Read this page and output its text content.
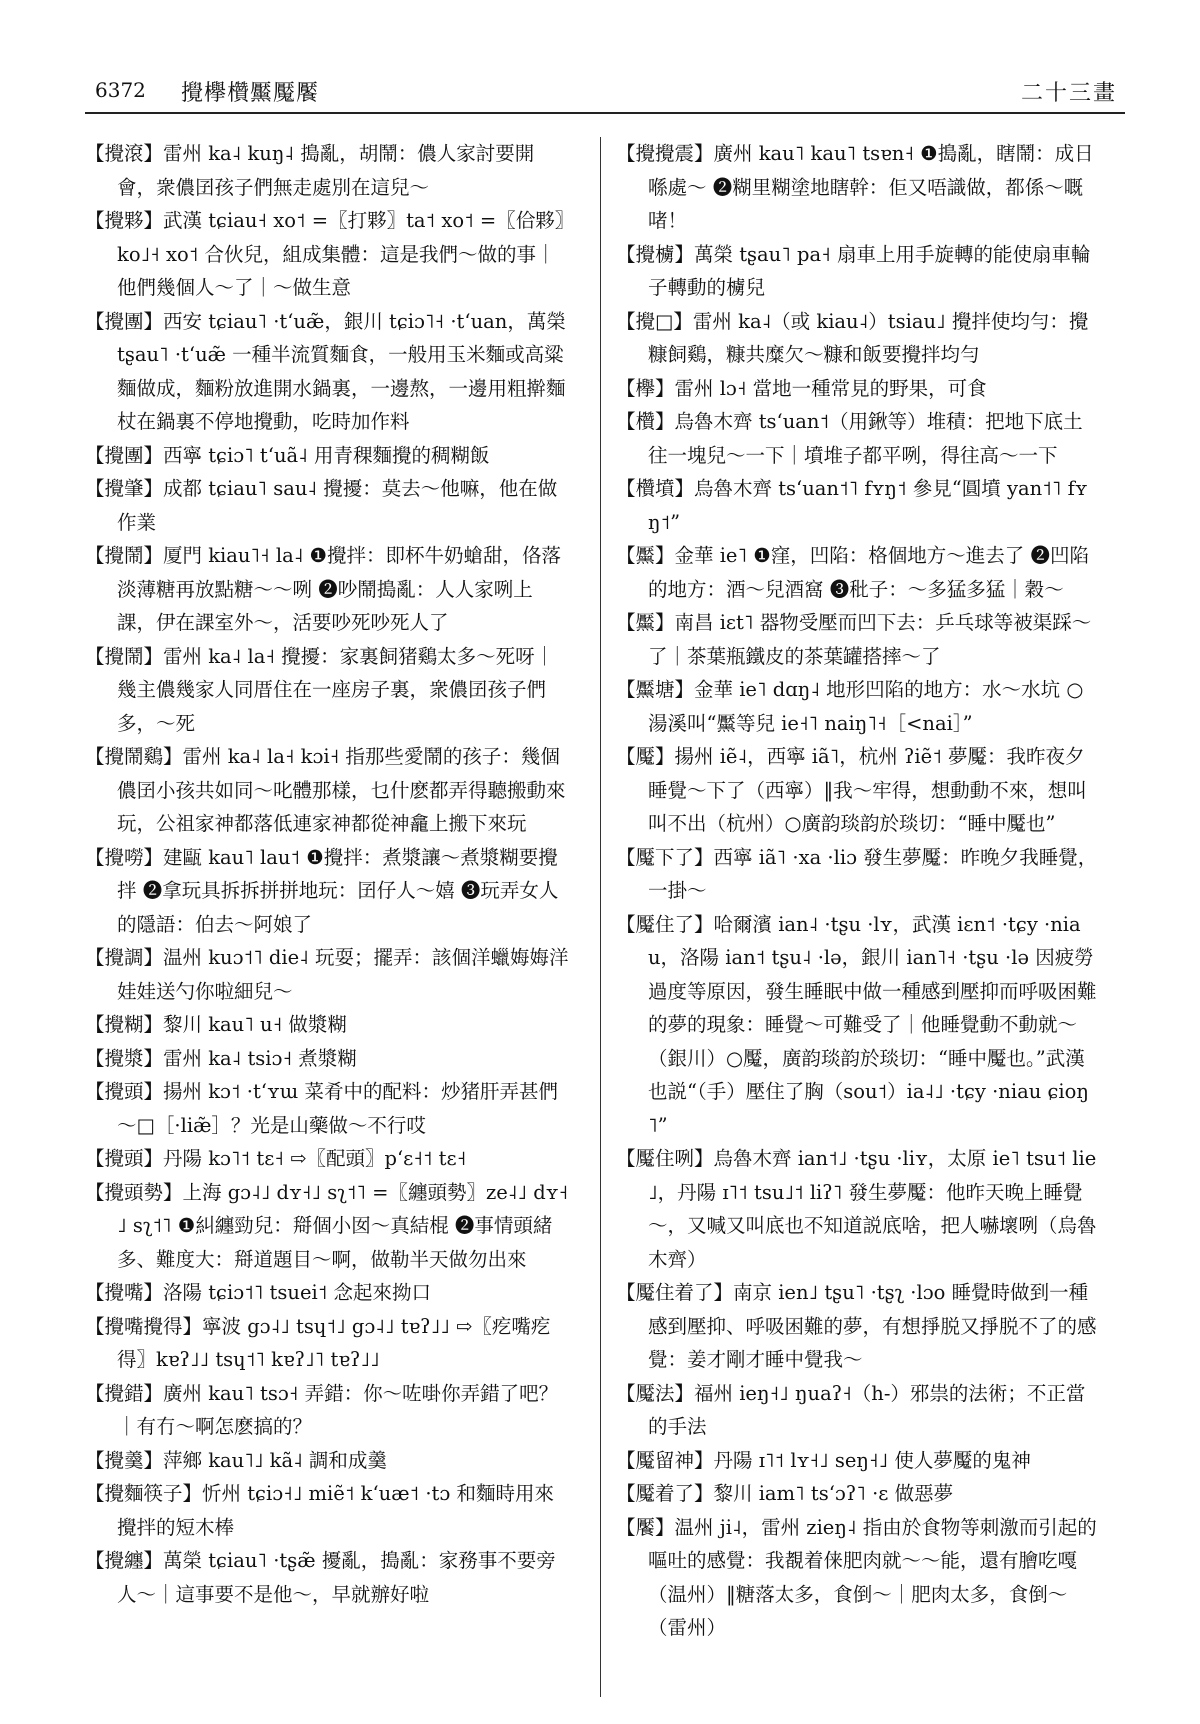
6372 攪欅欑黶魘饜	二十三畫

【攪滾】雷州 ka˨ kuŋ˨ 搗亂，胡鬧：儂人家討要開會，衆儂囝孩子們無走處別在這兒～

【攪夥】武漢 tɕiau˧ xo˦ =〖打夥〗ta˦ xo˦ =〖佮夥〗ko˩˧ xo˦ 合伙兒，組成集體：這是我們～做的事｜他們幾個人～了｜～做生意

【攪團】西安 tɕiau˥ ·tʻuæ̃，銀川 tɕiɔ˥˧ ·tʻuan，萬榮 tʂau˥ ·tʻuæ̃ 一種半流質麵食，一般用玉米麵或高粱麵做成，麵粉放進開水鍋裏，一邊熬，一邊用粗擀麵杖在鍋裏不停地攪動，吃時加作料

【攪團】西寧 tɕiɔ˥ tʻuã˨ 用青稞麵攪的稠糊飯

【攪肇】成都 tɕiau˥ sau˨ 攪擾：莫去～他嘛，他在做作業

【攪鬧】厦門 kiau˥˧ la˨ ❶攪拌：即杯牛奶螥甜，佫落淡薄糖再放點糖～～咧 ❷吵鬧搗亂：人人家咧上課，伊在課室外～，活要吵死吵死人了

【攪鬧】雷州 ka˨ la˧ 攪擾：家裏飼猪鷄太多～死呀｜幾主儂幾家人同厝住在一座房子裏，衆儂囝孩子們多，～死

【攪鬧鷄】雷州 ka˨ la˧ kɔi˧ 指那些愛鬧的孩子：幾個儂囝小孩共如同～叱體那樣，乜什麽都弄得聽搬動來玩，公祖家神都落低連家神都從神龕上搬下來玩

【攪嘮】建甌 kau˥ lau˦ ❶攪拌：煮漿讓～煮漿糊要攪拌 ❷拿玩具拆拆拼拼地玩：囝仔人～嬉 ❸玩弄女人的隱語：伯去～阿娘了

【攪調】温州 kuɔ˦˥ die˨ 玩耍；擺弄：該個洋蠟娒娒洋娃娃送勺你啦細兒～

【攪糊】黎川 kau˥ u˧ 做漿糊

【攪漿】雷州 ka˨ tsiɔ˧ 煮漿糊

【攪頭】揚州 kɔ˦ ·tʻʏɯ 菜肴中的配料：炒猪肝弄甚們～□［·liæ̃］？光是山藥做～不行哎

【攪頭】丹陽 kɔ˥˦ tɛ˧ ⇨〖配頭〗pʻɛ˧˦ tɛ˧

【攪頭勢】上海 gɔ˨˩ dʏ˧˩ sʅ˦˥ =〖纏頭勢〗ze˨˩ dʏ˧˩ sʅ˦˥ ❶糾纏勁兒：搿個小囡～真結棍 ❷事情頭緒多、難度大：搿道題目～啊，做勒半天做勿出來

【攪嘴】洛陽 tɕiɔ˦˥ tsuei˦ 念起來拗口

【攪嘴攪得】寧波 gɔ˨˩ tsɥ˦˩ gɔ˨˩ tɐʔ˩˩ ⇨〖疙嘴疙得〗kɐʔ˩˩ tsɥ˦˥ kɐʔ˩˥ tɐʔ˩˩

【攪錯】廣州 kau˥ tsɔ˧ 弄錯：你～咗啩你弄錯了吧？｜有冇～啊怎麽搞的？

【攪羹】萍鄉 kau˥˩ kã˨ 調和成羹

【攪麵筷子】忻州 tɕiɔ˧˩ miẽ˦ kʻuæ˦ ·tɔ 和麵時用來攪拌的短木棒

【攪纏】萬榮 tɕiau˥ ·tʂæ̃ 擾亂，搗亂：家務事不要旁人～｜這事要不是他～，早就辦好啦

【攪攪震】廣州 kau˥ kau˥ tsɐn˧ ❶搗亂，瞎鬧：成日喺處～ ❷糊里糊塗地瞎幹：佢又唔識做，都係～嘅啫！

【攪㯭】萬榮 tʂau˥ pa˧ 扇車上用手旋轉的能使扇車輪子轉動的㯭兒

【攪□】雷州 ka˨（或 kiau˨）tsiau˩ 攪拌使均勻：攪糠飼鷄，糠共糜欠～糠和飯要攪拌均勻

【欅】雷州 lɔ˧ 當地一種常見的野果，可食

【欑】烏魯木齊 tsʻuan˦（用鍬等）堆積：把地下底土往一塊兒～一下｜墳堆子都平咧，得往高～一下

【欑墳】烏魯木齊 tsʻuan˦˥ fʏŋ˦ 參見“圓墳 yan˦˥ fʏŋ˦”

【黶】金華 ie˥ ❶窪，凹陷：格個地方～進去了 ❷凹陷的地方：酒～兒酒窩 ❸秕子：～多猛多猛｜穀～

【黶】南昌 iɛt˥ 器物受壓而凹下去：乒乓球等被渠踩～了｜茶葉瓶鐵皮的茶葉罐搭摔～了

【黶塘】金華 ie˥ dɑŋ˨ 地形凹陷的地方：水～水坑 ○湯溪叫“黶等兒 ie˧˥ naiŋ˥˧［<nai］”

【魘】揚州 iẽ˨，西寧 iã˥，杭州 ʔiẽ˦ 夢魘：我昨夜夕睡覺～下了（西寧）‖我～牢得，想動動不來，想叫叫不出（杭州）○廣韵琰韵於琰切：“睡中魘也”

【魘下了】西寧 iã˥ ·xa ·liɔ 發生夢魘：昨晚夕我睡覺，一掛～

【魘住了】哈爾濱 ian˨ ·tʂu ·lʏ，武漢 iɛn˦ ·tɕy ·niau，洛陽 ian˦ tʂu˨ ·lə，銀川 ian˥˧ ·tʂu ·lə 因疲勞過度等原因，發生睡眠中做一種感到壓抑而呼吸困難的夢的現象：睡覺～可難受了｜他睡覺動不動就～（銀川）○魘，廣韵琰韵於琰切：“睡中魘也。”武漢也説“（手）壓住了胸（sou˦）ia˨˩ ·tɕy ·niau ɕioŋ˥”

【魘住咧】烏魯木齊 ian˦˩ ·tʂu ·liʏ，太原 ie˥ tsu˦ lie˩，丹陽 ɪ˥˦ tsu˩˦ liʔ˥ 發生夢魘：他昨天晚上睡覺～，又喊又叫底也不知道説底啥，把人嚇壞咧（烏魯木齊）

【魘住着了】南京 ien˩ tʂu˥ ·tʂʅ ·lɔo 睡覺時做到一種感到壓抑、呼吸困難的夢，有想掙脱又掙脱不了的感覺：姜才剛才睡中覺我～

【魘法】福州 ieŋ˧˩ ŋuaʔ˧（h-）邪祟的法術；不正當的手法

【魘留神】丹陽 ɪ˥˦ lʏ˧˩ seŋ˧˩ 使人夢魘的鬼神

【魘着了】黎川 iam˥ tsʻɔʔ˥ ·ɛ 做惡夢

【饜】温州 ji˨，雷州 zieŋ˨ 指由於食物等刺激而引起的嘔吐的感覺：我覩着俫肥肉就～～能，還有膾吃嘎（温州）‖糖落太多，食倒～｜肥肉太多，食倒～（雷州）
